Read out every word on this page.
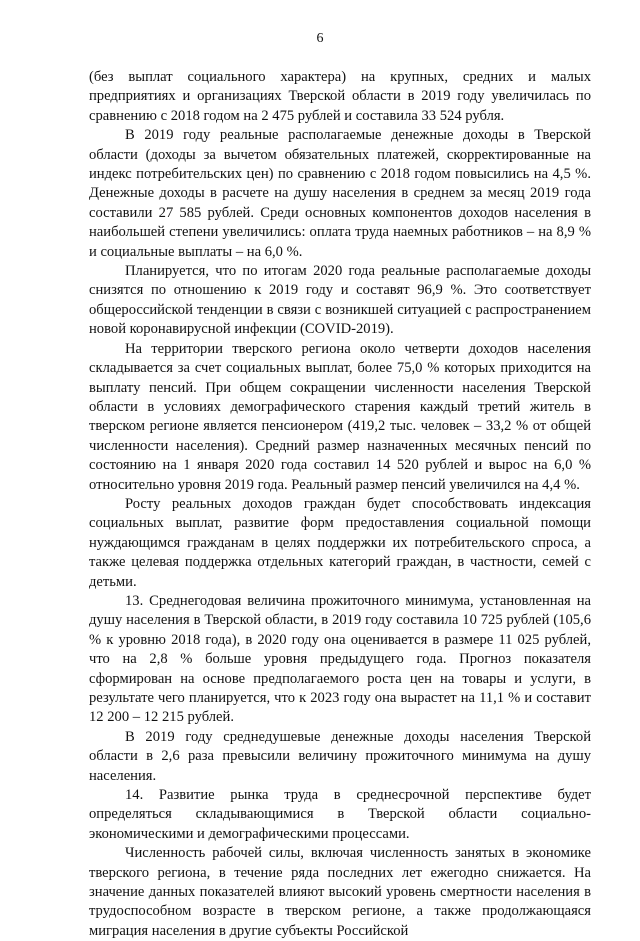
6

(без выплат социального характера) на крупных, средних и малых предприятиях и организациях Тверской области в 2019 году увеличилась по сравнению с 2018 годом на 2 475 рублей и составила 33 524 рубля.

В 2019 году реальные располагаемые денежные доходы в Тверской области (доходы за вычетом обязательных платежей, скорректированные на индекс потребительских цен) по сравнению с 2018 годом повысились на 4,5 %. Денежные доходы в расчете на душу населения в среднем за месяц 2019 года составили 27 585 рублей. Среди основных компонентов доходов населения в наибольшей степени увеличились: оплата труда наемных работников – на 8,9 % и социальные выплаты – на 6,0 %.

Планируется, что по итогам 2020 года реальные располагаемые доходы снизятся по отношению к 2019 году и составят 96,9 %. Это соответствует общероссийской тенденции в связи с возникшей ситуацией с распространением новой коронавирусной инфекции (COVID-2019).

На территории тверского региона около четверти доходов населения складывается за счет социальных выплат, более 75,0 % которых приходится на выплату пенсий. При общем сокращении численности населения Тверской области в условиях демографического старения каждый третий житель в тверском регионе является пенсионером (419,2 тыс. человек – 33,2 % от общей численности населения). Средний размер назначенных месячных пенсий по состоянию на 1 января 2020 года составил 14 520 рублей и вырос на 6,0 % относительно уровня 2019 года. Реальный размер пенсий увеличился на 4,4 %.

Росту реальных доходов граждан будет способствовать индексация социальных выплат, развитие форм предоставления социальной помощи нуждающимся гражданам в целях поддержки их потребительского спроса, а также целевая поддержка отдельных категорий граждан, в частности, семей с детьми.

13. Среднегодовая величина прожиточного минимума, установленная на душу населения в Тверской области, в 2019 году составила 10 725 рублей (105,6 % к уровню 2018 года), в 2020 году она оценивается в размере 11 025 рублей, что на 2,8 % больше уровня предыдущего года. Прогноз показателя сформирован на основе предполагаемого роста цен на товары и услуги, в результате чего планируется, что к 2023 году она вырастет на 11,1 % и составит 12 200 – 12 215 рублей.

В 2019 году среднедушевые денежные доходы населения Тверской области в 2,6 раза превысили величину прожиточного минимума на душу населения.

14. Развитие рынка труда в среднесрочной перспективе будет определяться складывающимися в Тверской области социально-экономическими и демографическими процессами.

Численность рабочей силы, включая численность занятых в экономике тверского региона, в течение ряда последних лет ежегодно снижается. На значение данных показателей влияют высокий уровень смертности населения в трудоспособном возрасте в тверском регионе, а также продолжающаяся миграция населения в другие субъекты Российской
